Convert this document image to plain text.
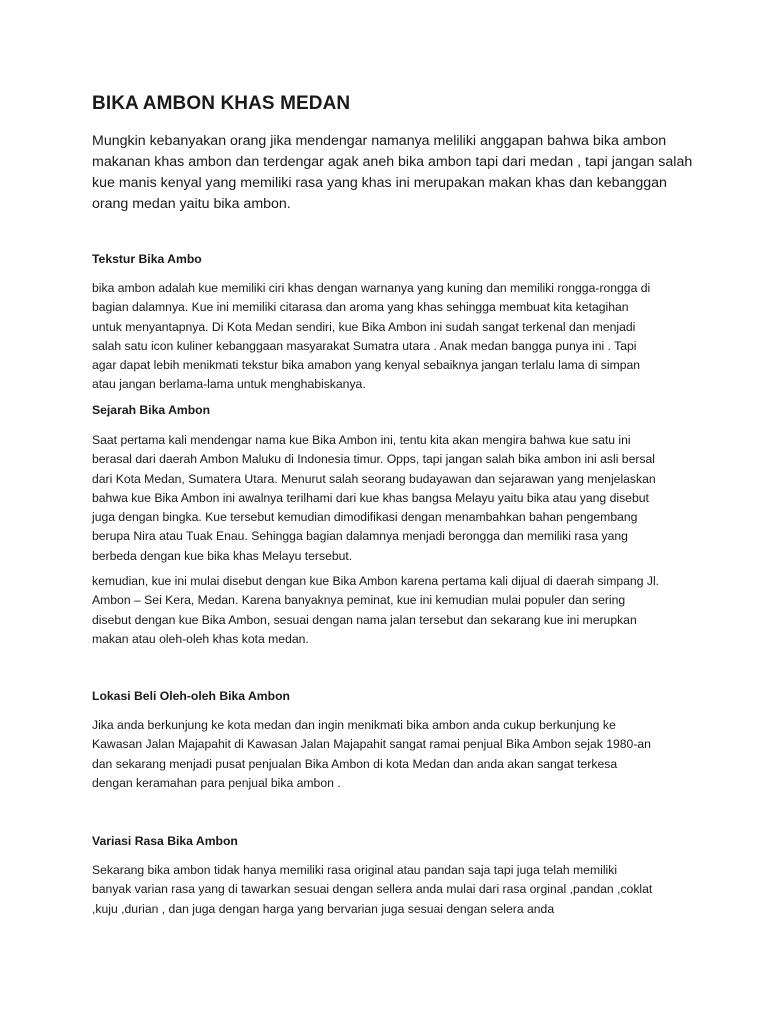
BIKA AMBON KHAS MEDAN
Mungkin kebanyakan orang jika mendengar namanya meliliki anggapan bahwa bika ambon
makanan khas ambon dan terdengar agak aneh bika ambon tapi dari medan , tapi jangan salah
kue manis kenyal yang memiliki rasa yang khas ini merupakan makan khas dan kebanggan
orang medan yaitu bika ambon.
Tekstur Bika Ambo
bika ambon adalah kue memiliki ciri khas dengan warnanya yang kuning dan memiliki rongga-rongga di
bagian dalamnya. Kue ini memiliki citarasa dan aroma yang khas sehingga membuat kita ketagihan
untuk menyantapnya. Di Kota Medan sendiri, kue Bika Ambon ini sudah sangat terkenal dan menjadi
salah satu icon kuliner kebanggaan masyarakat Sumatra utara . Anak medan bangga punya ini . Tapi
agar dapat lebih menikmati tekstur bika amabon yang kenyal sebaiknya jangan terlalu lama di simpan
atau jangan berlama-lama untuk menghabiskanya.
Sejarah Bika Ambon
Saat pertama kali mendengar nama kue Bika Ambon ini, tentu kita akan mengira bahwa kue satu ini
berasal dari daerah Ambon Maluku di Indonesia timur. Opps, tapi jangan salah bika ambon ini asli bersal
dari Kota Medan, Sumatera Utara. Menurut salah seorang budayawan dan sejarawan yang menjelaskan
bahwa kue Bika Ambon ini awalnya terilhami dari kue khas bangsa Melayu yaitu bika atau yang disebut
juga dengan bingka. Kue tersebut kemudian dimodifikasi dengan menambahkan bahan pengembang
berupa Nira atau Tuak Enau. Sehingga bagian dalamnya menjadi berongga dan memiliki rasa yang
berbeda dengan kue bika khas Melayu tersebut.
kemudian, kue ini mulai disebut dengan kue Bika Ambon karena pertama kali dijual di daerah simpang Jl.
Ambon – Sei Kera, Medan. Karena banyaknya peminat, kue ini kemudian mulai populer dan sering
disebut dengan kue Bika Ambon, sesuai dengan nama jalan tersebut dan sekarang kue ini merupkan
makan atau oleh-oleh khas kota medan.
Lokasi Beli Oleh-oleh Bika Ambon
Jika anda berkunjung ke kota medan dan ingin menikmati bika ambon anda cukup berkunjung ke
Kawasan Jalan Majapahit di Kawasan Jalan Majapahit sangat ramai penjual Bika Ambon sejak 1980-an
dan sekarang menjadi pusat penjualan Bika Ambon di kota Medan dan anda akan sangat terkesa
dengan keramahan para penjual bika ambon .
Variasi Rasa Bika Ambon
Sekarang bika ambon tidak hanya memiliki rasa original atau pandan saja tapi juga telah memiliki
banyak varian rasa yang di tawarkan sesuai dengan sellera anda mulai dari rasa orginal ,pandan ,coklat
,kuju ,durian , dan juga dengan harga yang bervarian juga sesuai dengan selera anda
